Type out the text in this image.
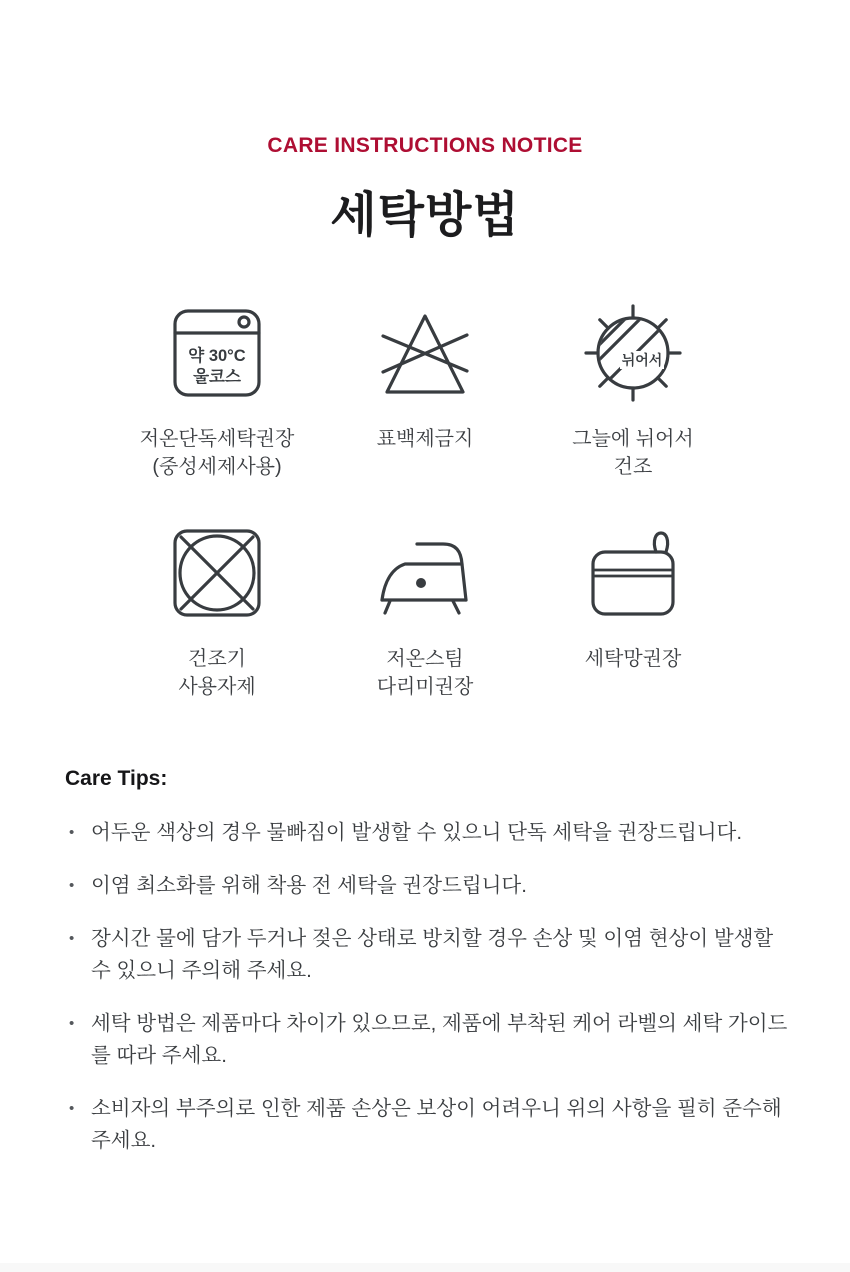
CARE INSTRUCTIONS NOTICE
세탁방법
약 30°C
울코스
저온단독세탁권장
(중성세제사용)
표백제금지
뉘어서
그늘에 뉘어서
건조
건조기
사용자제
저온스팀
다리미권장
세탁망권장
Care Tips:
• 어두운 색상의 경우 물빠짐이 발생할 수 있으니 단독 세탁을 권장드립니다.
• 이염 최소화를 위해 착용 전 세탁을 권장드립니다.
• 장시간 물에 담가 두거나 젖은 상태로 방치할 경우 손상 및 이염 현상이 발생할 수 있으니 주의해 주세요.
• 세탁 방법은 제품마다 차이가 있으므로, 제품에 부착된 케어 라벨의 세탁 가이드를 따라 주세요.
• 소비자의 부주의로 인한 제품 손상은 보상이 어려우니 위의 사항을 필히 준수해 주세요.
